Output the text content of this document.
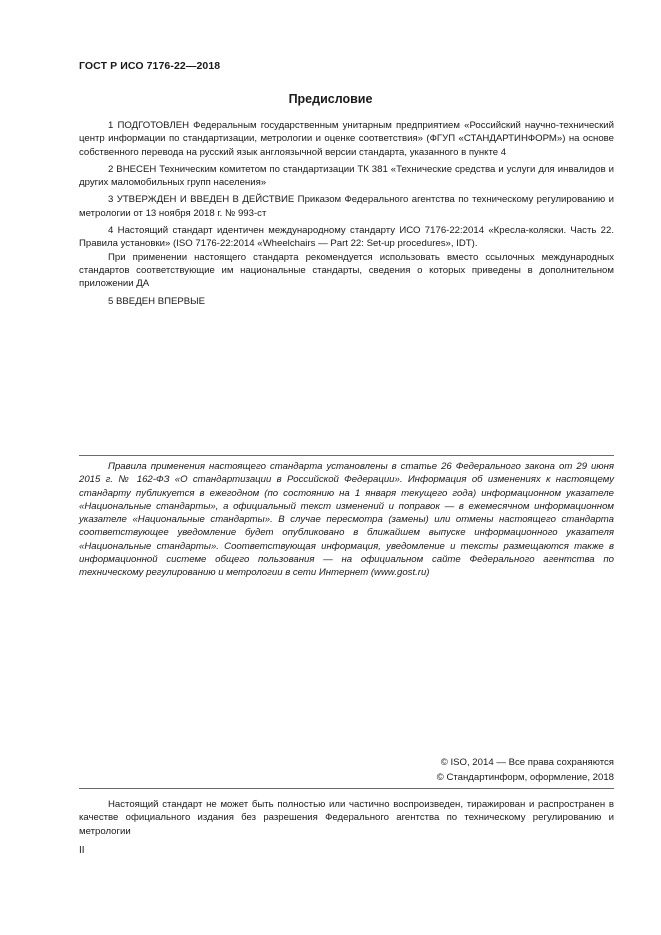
ГОСТ Р ИСО 7176-22—2018
Предисловие

1 ПОДГОТОВЛЕН Федеральным государственным унитарным предприятием «Российский научно-технический центр информации по стандартизации, метрологии и оценке соответствия» (ФГУП «СТАНДАРТИНФОРМ») на основе собственного перевода на русский язык англоязычной версии стандарта, указанного в пункте 4

2 ВНЕСЕН Техническим комитетом по стандартизации ТК 381 «Технические средства и услуги для инвалидов и других маломобильных групп населения»

3 УТВЕРЖДЕН И ВВЕДЕН В ДЕЙСТВИЕ Приказом Федерального агентства по техническому регулированию и метрологии от 13 ноября 2018 г. № 993-ст

4 Настоящий стандарт идентичен международному стандарту ИСО 7176-22:2014 «Кресла-коляски. Часть 22. Правила установки» (ISO 7176-22:2014 «Wheelchairs — Part 22: Set-up procedures», IDT).

При применении настоящего стандарта рекомендуется использовать вместо ссылочных международных стандартов соответствующие им национальные стандарты, сведения о которых приведены в дополнительном приложении ДА

5 ВВЕДЕН ВПЕРВЫЕ

Правила применения настоящего стандарта установлены в статье 26 Федерального закона от 29 июня 2015 г. № 162-ФЗ «О стандартизации в Российской Федерации». Информация об изменениях к настоящему стандарту публикуется в ежегодном (по состоянию на 1 января текущего года) информационном указателе «Национальные стандарты», а официальный текст изменений и поправок — в ежемесячном информационном указателе «Национальные стандарты». В случае пересмотра (замены) или отмены настоящего стандарта соответствующее уведомление будет опубликовано в ближайшем выпуске информационного указателя «Национальные стандарты». Соответствующая информация, уведомление и тексты размещаются также в информационной системе общего пользования — на официальном сайте Федерального агентства по техническому регулированию и метрологии в сети Интернет (www.gost.ru)

© ISO, 2014 — Все права сохраняются
© Стандартинформ, оформление, 2018

Настоящий стандарт не может быть полностью или частично воспроизведен, тиражирован и распространен в качестве официального издания без разрешения Федерального агентства по техническому регулированию и метрологии

II
